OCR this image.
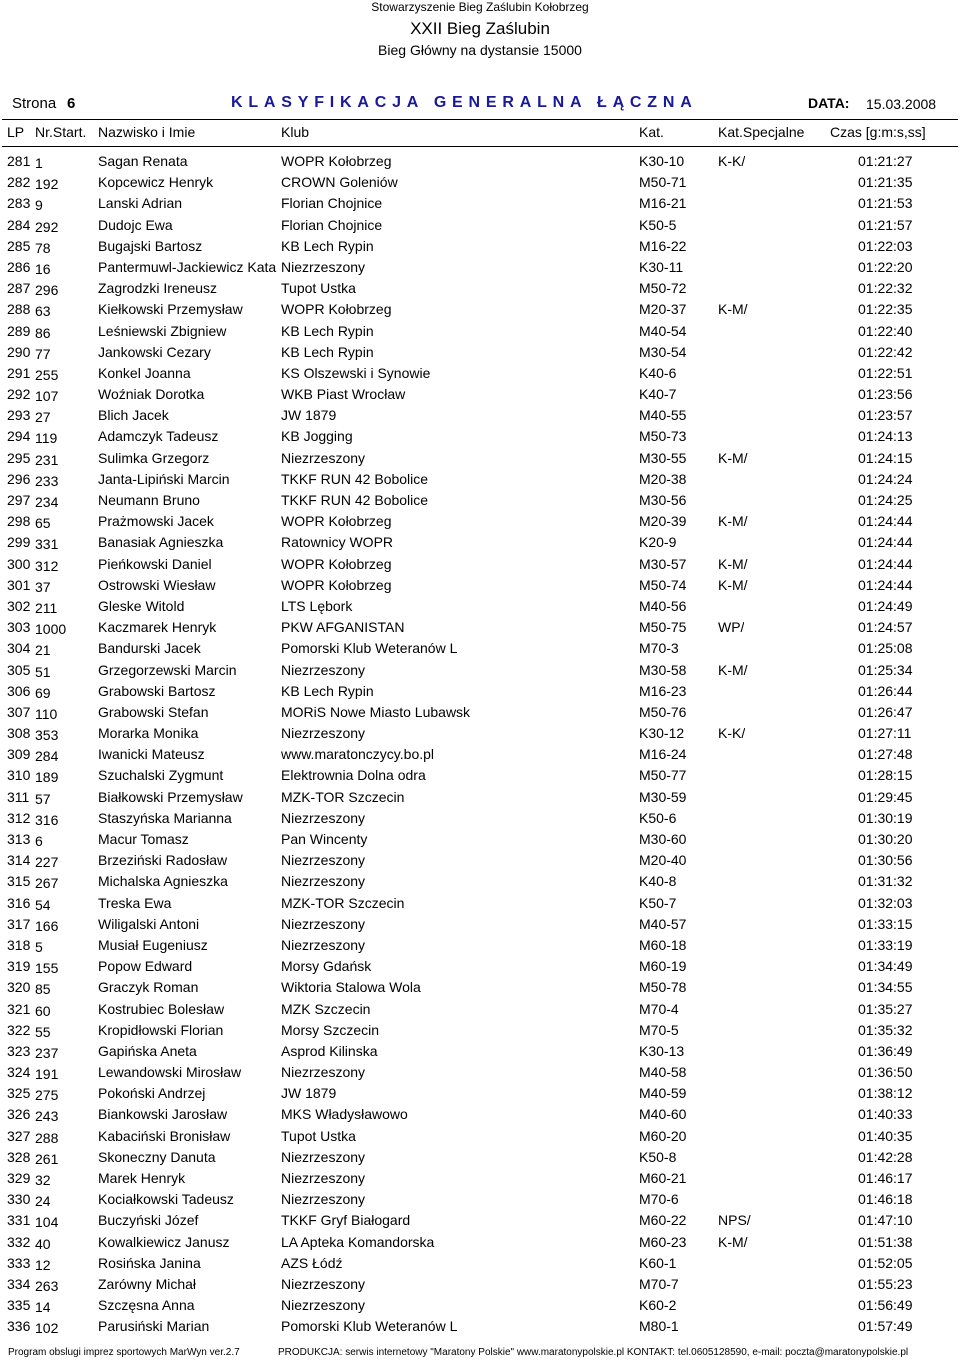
Stowarzyszenie Bieg Zaślubin Kołobrzeg
XXII Bieg Zaślubin
Bieg Główny na dystansie 15000
Strona 6	KLASYFIKACJA GENERALNA ŁĄCZNA	DATA: 15.03.2008
LP Nr.Start. Nazwisko i Imie	Klub	Kat.	Kat.Specjalne Czas [g:m:s,ss]
281 1	Sagan Renata	WOPR Kołobrzeg	K30-10 K-K/	01:21:27
282 192	Kopcewicz Henryk	CROWN Goleniów	M50-71	01:21:35
283 9	Lanski Adrian	Florian Chojnice	M16-21	01:21:53
284 292	Dudojc Ewa	Florian Chojnice	K50-5	01:21:57
285 78	Bugajski Bartosz	KB Lech Rypin	M16-22	01:22:03
286 16	Pantermuwl-Jackiewicz Kata Niezrzeszony	K30-11	01:22:20
287 296	Zagrodzki Ireneusz	Tupot Ustka	M50-72	01:22:32
288 63	Kiełkowski Przemysław	WOPR Kołobrzeg	M20-37 K-M/	01:22:35
289 86	Leśniewski Zbigniew	KB Lech Rypin	M40-54	01:22:40
290 77	Jankowski Cezary	KB Lech Rypin	M30-54	01:22:42
291 255	Konkel Joanna	KS Olszewski i Synowie	K40-6	01:22:51
292 107	Woźniak Dorotka	WKB Piast Wrocław	K40-7	01:23:56
293 27	Blich Jacek	JW 1879	M40-55	01:23:57
294 119	Adamczyk Tadeusz	KB Jogging	M50-73	01:24:13
295 231	Sulimka Grzegorz	Niezrzeszony	M30-55 K-M/	01:24:15
296 233	Janta-Lipiński Marcin	TKKF RUN 42 Bobolice	M20-38	01:24:24
297 234	Neumann Bruno	TKKF RUN 42 Bobolice	M30-56	01:24:25
298 65	Prażmowski Jacek	WOPR Kołobrzeg	M20-39 K-M/	01:24:44
299 331	Banasiak Agnieszka	Ratownicy WOPR	K20-9	01:24:44
300 312	Pieńkowski Daniel	WOPR Kołobrzeg	M30-57 K-M/	01:24:44
301 37	Ostrowski Wiesław	WOPR Kołobrzeg	M50-74 K-M/	01:24:44
302 211	Gleske Witold	LTS Lębork	M40-56	01:24:49
303 1000 Kaczmarek Henryk	PKW AFGANISTAN	M50-75 WP/	01:24:57
304 21	Bandurski Jacek	Pomorski Klub Weteranów L	M70-3	01:25:08
305 51	Grzegorzewski Marcin	Niezrzeszony	M30-58 K-M/	01:25:34
306 69	Grabowski Bartosz	KB Lech Rypin	M16-23	01:26:44
307 110	Grabowski Stefan	MORiS Nowe Miasto Lubawsk	M50-76	01:26:47
308 353	Morarka Monika	Niezrzeszony	K30-12 K-K/	01:27:11
309 284	Iwanicki Mateusz	www.maratonczycy.bo.pl	M16-24	01:27:48
310 189	Szuchalski Zygmunt	Elektrownia Dolna odra	M50-77	01:28:15
311 57	Białkowski Przemysław	MZK-TOR Szczecin	M30-59	01:29:45
312 316	Staszyńska Marianna	Niezrzeszony	K50-6	01:30:19
313 6	Macur Tomasz	Pan Wincenty	M30-60	01:30:20
314 227	Brzeziński Radosław	Niezrzeszony	M20-40	01:30:56
315 267	Michalska Agnieszka	Niezrzeszony	K40-8	01:31:32
316 54	Treska Ewa	MZK-TOR Szczecin	K50-7	01:32:03
317 166	Wiligalski Antoni	Niezrzeszony	M40-57	01:33:15
318 5	Musiał Eugeniusz	Niezrzeszony	M60-18	01:33:19
319 155	Popow Edward	Morsy Gdańsk	M60-19	01:34:49
320 85	Graczyk Roman	Wiktoria Stalowa Wola	M50-78	01:34:55
321 60	Kostrubiec Bolesław	MZK Szczecin	M70-4	01:35:27
322 55	Kropidłowski Florian	Morsy Szczecin	M70-5	01:35:32
323 237	Gapińska Aneta	Asprod Kilinska	K30-13	01:36:49
324 191	Lewandowski Mirosław	Niezrzeszony	M40-58	01:36:50
325 275	Pokoński Andrzej	JW 1879	M40-59	01:38:12
326 243	Biankowski Jarosław	MKS Władysławowo	M40-60	01:40:33
327 288	Kabaciński Bronisław	Tupot Ustka	M60-20	01:40:35
328 261	Skoneczny Danuta	Niezrzeszony	K50-8	01:42:28
329 32	Marek Henryk	Niezrzeszony	M60-21	01:46:17
330 24	Kociałkowski Tadeusz	Niezrzeszony	M70-6	01:46:18
331 104	Buczyński Józef	TKKF Gryf Białogard	M60-22 NPS/	01:47:10
332 40	Kowalkiewicz Janusz	LA Apteka Komandorska	M60-23 K-M/	01:51:38
333 12	Rosińska Janina	AZS Łódź	K60-1	01:52:05
334 263	Zarówny Michał	Niezrzeszony	M70-7	01:55:23
335 14	Szczęsna Anna	Niezrzeszony	K60-2	01:56:49
336 102	Parusiński Marian	Pomorski Klub Weteranów L	M80-1	01:57:49
Program obslugi imprez sportowych MarWyn ver.2.7	PRODUKCJA: serwis internetowy "Maratony Polskie" www.maratonypolskie.pl KONTAKT: tel.0605128590, e-mail: poczta@maratonypolskie.pl
